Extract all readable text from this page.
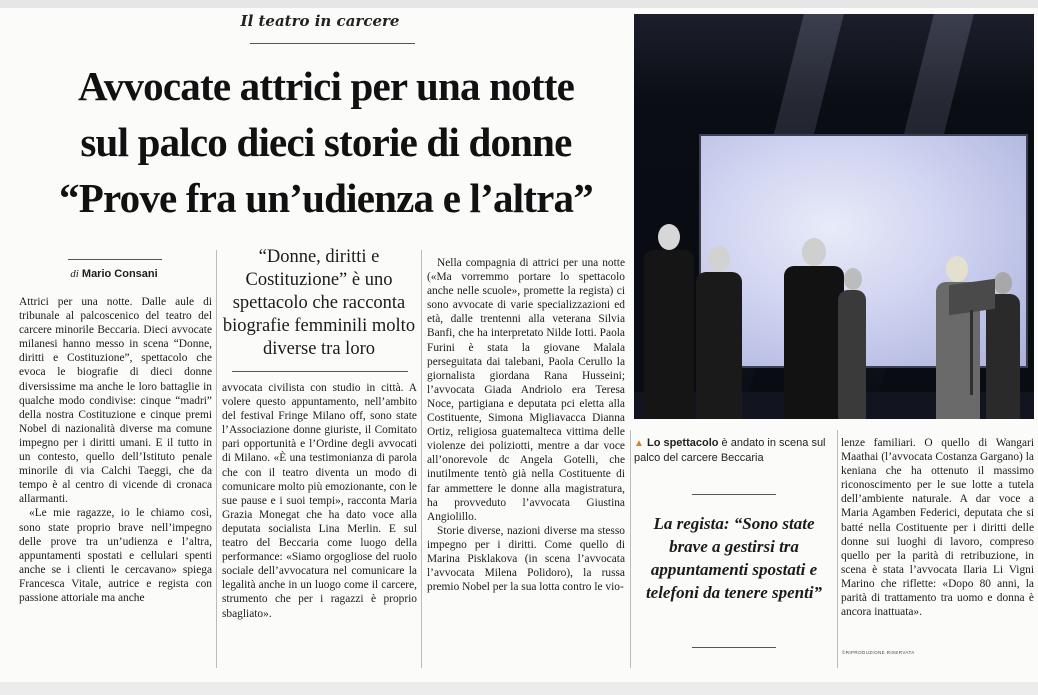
Il teatro in carcere
Avvocate attrici per una notte
sul palco dieci storie di donne
“Prove fra un’udienza e l’altra”
▲ Lo spettacolo è andato in scena sul palco del carcere Beccaria
di Mario Consani

Attrici per una notte. Dalle aule di tribunale al palcoscenico del teatro del carcere minorile Beccaria. Dieci avvocate milanesi hanno messo in scena “Donne, diritti e Costituzione”, spettacolo che evoca le biografie di dieci donne diversissime ma anche le loro battaglie in qualche modo condivise: cinque “madri” della nostra Costituzione e cinque premi Nobel di nazionalità diverse ma comune impegno per i diritti umani. E il tutto in un contesto, quello dell’Istituto penale minorile di via Calchi Taeggi, che da tempo è al centro di vicende di cronaca allarmanti.

«Le mie ragazze, io le chiamo così, sono state proprio brave nell’impegno delle prove tra un’udienza e l’altra, appuntamenti spostati e cellulari spenti anche se i clienti le cercavano» spiega Francesca Vitale, autrice e regista con passione attoriale ma anche

“Donne, diritti e Costituzione” è uno spettacolo che racconta biografie femminili molto diverse tra loro

avvocata civilista con studio in città. A volere questo appuntamento, nell’ambito del festival Fringe Milano off, sono state l’Associazione donne giuriste, il Comitato pari opportunità e l’Ordine degli avvocati di Milano. «È una testimonianza di parola che con il teatro diventa un modo di comunicare molto più emozionante, con le sue pause e i suoi tempi», racconta Maria Grazia Monegat che ha dato voce alla deputata socialista Lina Merlin. E sul teatro del Beccaria come luogo della performance: «Siamo orgogliose del ruolo sociale dell’avvocatura nel comunicare la legalità anche in un luogo come il carcere, strumento che per i ragazzi è proprio sbagliato».

Nella compagnia di attrici per una notte («Ma vorremmo portare lo spettacolo anche nelle scuole», promette la regista) ci sono avvocate di varie specializzazioni ed età, dalle trentenni alla veterana Silvia Banfi, che ha interpretato Nilde Iotti. Paola Furini è stata la giovane Malala perseguitata dai talebani, Paola Cerullo la giornalista giordana Rana Husseini; l’avvocata Giada Andriolo era Teresa Noce, partigiana e deputata pci eletta alla Costituente, Simona Migliavacca Dianna Ortiz, religiosa guatemalteca vittima delle violenze dei poliziotti, mentre a dar voce all’onorevole dc Angela Gotelli, che inutilmente tentò già nella Costituente di far ammettere le donne alla magistratura, ha provveduto l’avvocata Giustina Angiolillo.

Storie diverse, nazioni diverse ma stesso impegno per i diritti. Come quello di Marina Pisklakova (in scena l’avvocata l’avvocata Milena Polidoro), la russa premio Nobel per la sua lotta contro le vio-

La regista: “Sono state brave a gestirsi tra appuntamenti spostati e telefoni da tenere spenti”

lenze familiari. O quello di Wangari Maathai (l’avvocata Costanza Gargano) la keniana che ha ottenuto il massimo riconoscimento per le sue lotte a tutela dell’ambiente naturale. A dar voce a Maria Agamben Federici, deputata che si batté nella Costituente per i diritti delle donne sui luoghi di lavoro, compreso quello per la parità di retribuzione, in scena è stata l’avvocata Ilaria Li Vigni Marino che riflette: «Dopo 80 anni, la parità di trattamento tra uomo e donna è ancora inattuata».

©RIPRODUZIONE RISERVATA
